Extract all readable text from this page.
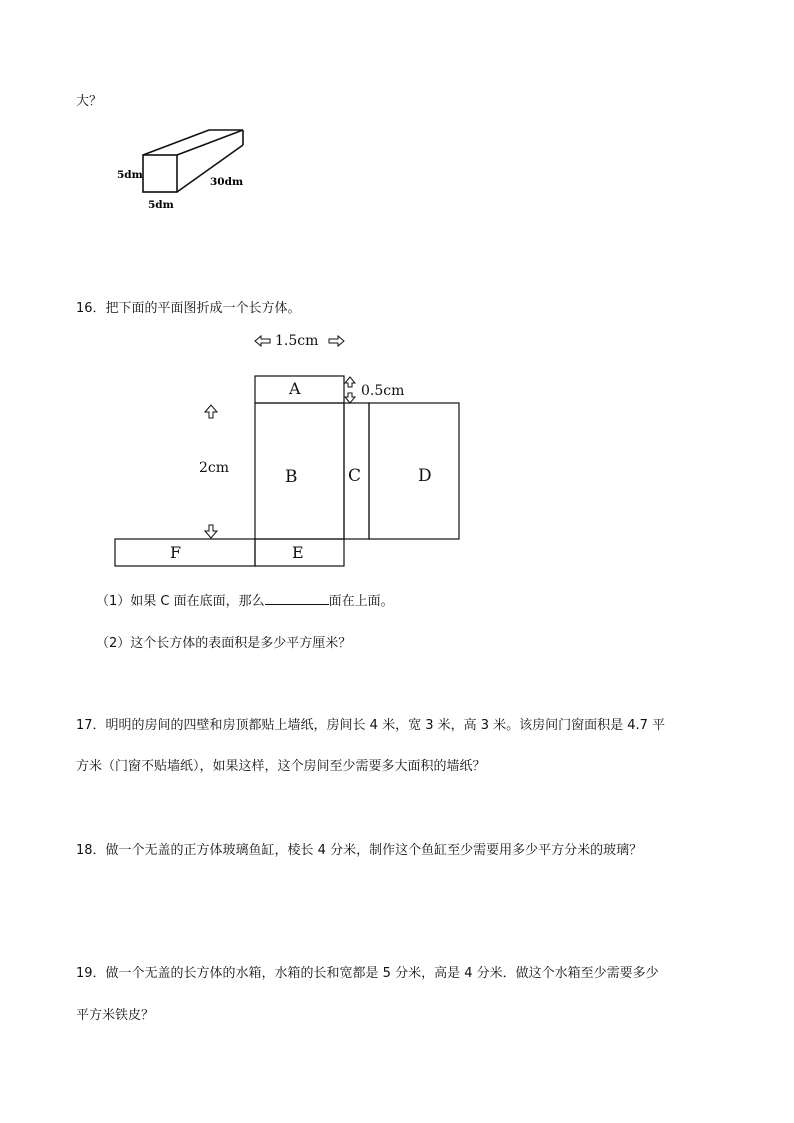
大？
5dm
5dm
30dm
16．把下面的平面图折成一个长方体。
1.5cm
0.5cm
2cm
A
B	C	D
E
F
（1）如果 C 面在底面，那么	面在上面。
（2）这个长方体的表面积是多少平方厘米？
17．明明的房间的四壁和房顶都贴上墙纸，房间长 4 米，宽 3 米，高 3 米。该房间门窗面积是 4.7 平
方米（门窗不贴墙纸），如果这样，这个房间至少需要多大面积的墙纸？
18．做一个无盖的正方体玻璃鱼缸，棱长 4 分米，制作这个鱼缸至少需要用多少平方分米的玻璃？
19．做一个无盖的长方体的水箱，水箱的长和宽都是 5 分米，高是 4 分米．做这个水箱至少需要多少
平方米铁皮？
